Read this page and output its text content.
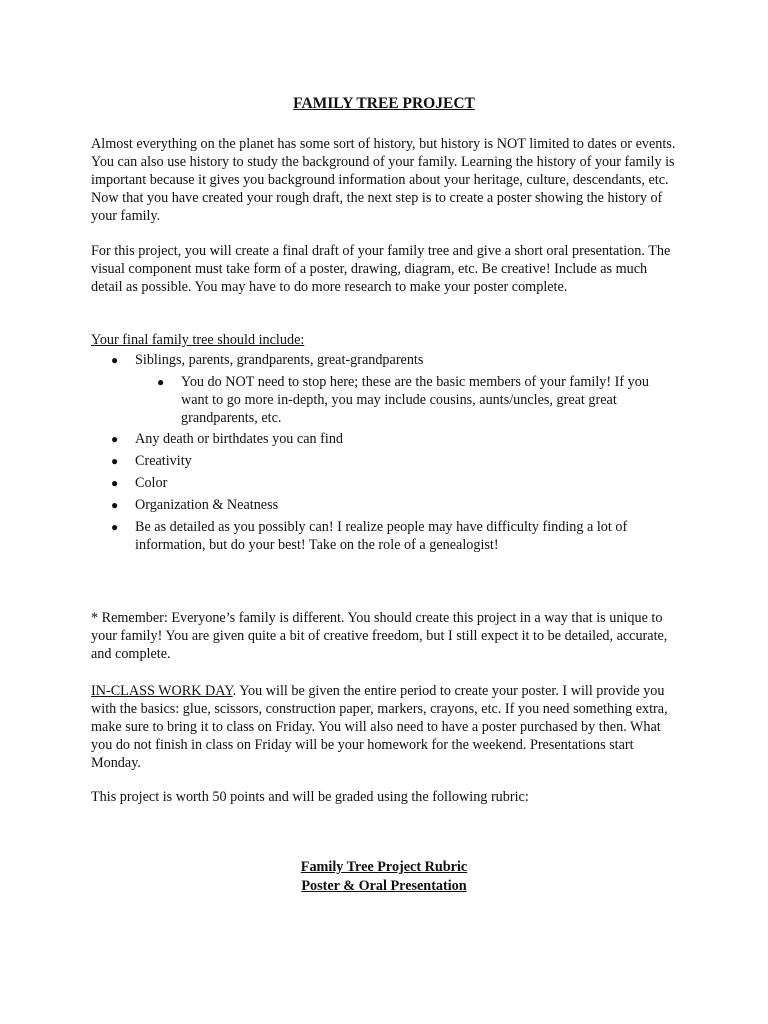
FAMILY TREE PROJECT

Almost everything on the planet has some sort of history, but history is NOT limited to dates or events. You can also use history to study the background of your family. Learning the history of your family is important because it gives you background information about your heritage, culture, descendants, etc. Now that you have created your rough draft, the next step is to create a poster showing the history of your family.

For this project, you will create a final draft of your family tree and give a short oral presentation. The visual component must take form of a poster, drawing, diagram, etc. Be creative! Include as much detail as possible. You may have to do more research to make your poster complete.

Your final family tree should include:
●	Siblings, parents, grandparents, great-grandparents
●	You do NOT need to stop here; these are the basic members of your family! If you want to go more in-depth, you may include cousins, aunts/uncles, great great grandparents, etc.
●	Any death or birthdates you can find
●	Creativity
●	Color
●	Organization & Neatness
●	Be as detailed as you possibly can! I realize people may have difficulty finding a lot of information, but do your best! Take on the role of a genealogist!

* Remember: Everyone’s family is different. You should create this project in a way that is unique to your family! You are given quite a bit of creative freedom, but I still expect it to be detailed, accurate, and complete.

IN-CLASS WORK DAY. You will be given the entire period to create your poster. I will provide you with the basics: glue, scissors, construction paper, markers, crayons, etc. If you need something extra, make sure to bring it to class on Friday. You will also need to have a poster purchased by then. What you do not finish in class on Friday will be your homework for the weekend. Presentations start Monday.

This project is worth 50 points and will be graded using the following rubric:

Family Tree Project Rubric
Poster & Oral Presentation
